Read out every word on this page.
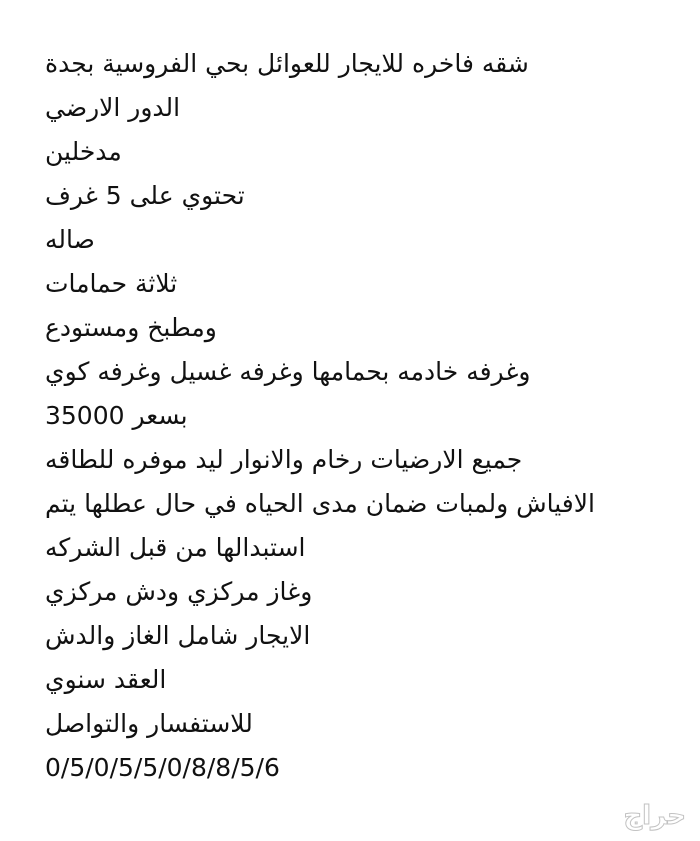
شقه فاخره للايجار للعوائل بحي الفروسية بجدة
الدور الارضي
مدخلين
تحتوي على 5 غرف
صاله
ثلاثة حمامات
ومطبخ ومستودع
وغرفه خادمه بحمامها وغرفه غسيل وغرفه كوي
بسعر 35000
جميع الارضيات رخام والانوار ليد موفره للطاقه
الافياش ولمبات ضمان مدى الحياه في حال عطلها يتم
استبدالها من قبل الشركه
وغاز مركزي ودش مركزي
الايجار شامل الغاز والدش
العقد سنوي
للاستفسار والتواصل
0/5/0/5/5/0/8/8/5/6
حراج
